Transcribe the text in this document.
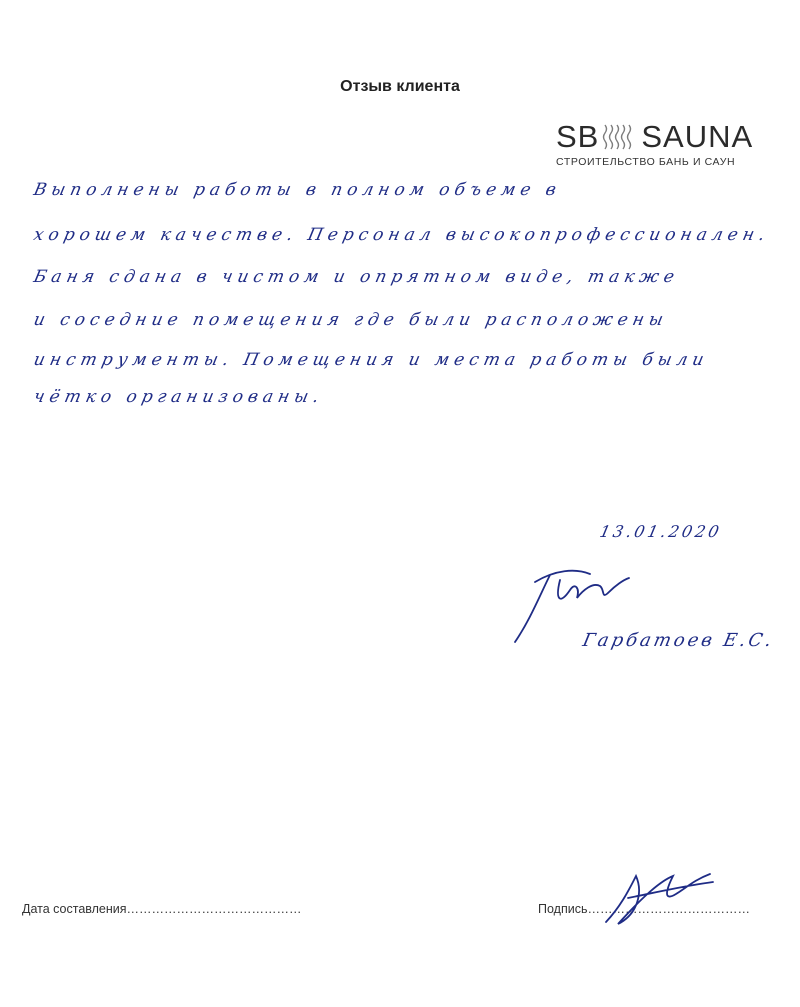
Отзыв клиента
SB SAUNA
СТРОИТЕЛЬСТВО БАНЬ И САУН
Выполнены работы в полном объеме в
хорошем качестве. Персонал высокопрофессионален.
Баня сдана в чистом и опрятном виде, также
и соседние помещения где были расположены
инструменты. Помещения и места работы были
чётко организованы.
13.01.2020
Гарбатоев Е.С.
Дата составления……………………………………	Подпись…………………………………
